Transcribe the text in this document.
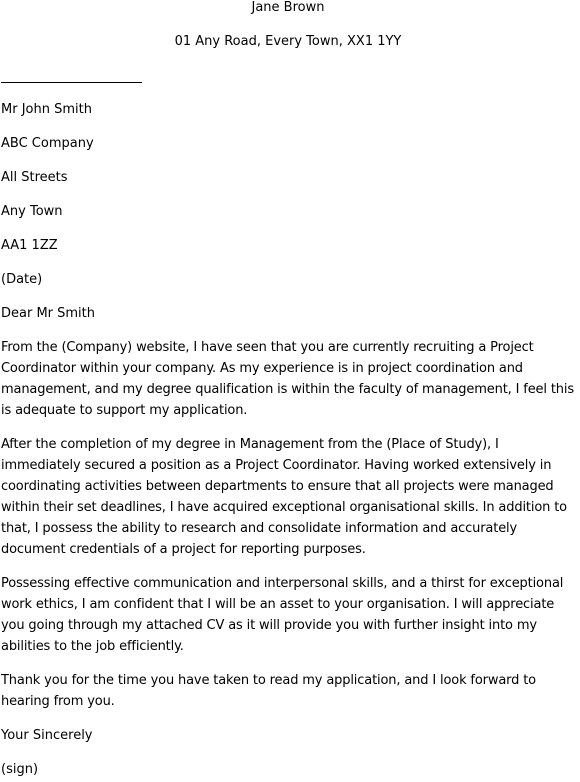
Jane Brown

01 Any Road, Every Town, XX1 1YY

Mr John Smith

ABC Company

All Streets

Any Town

AA1 1ZZ

(Date)

Dear Mr Smith

From the (Company) website, I have seen that you are currently recruiting a Project Coordinator within your company. As my experience is in project coordination and management, and my degree qualification is within the faculty of management, I feel this is adequate to support my application.

After the completion of my degree in Management from the (Place of Study), I immediately secured a position as a Project Coordinator. Having worked extensively in coordinating activities between departments to ensure that all projects were managed within their set deadlines, I have acquired exceptional organisational skills. In addition to that, I possess the ability to research and consolidate information and accurately document credentials of a project for reporting purposes.

Possessing effective communication and interpersonal skills, and a thirst for exceptional work ethics, I am confident that I will be an asset to your organisation. I will appreciate you going through my attached CV as it will provide you with further insight into my abilities to the job efficiently.

Thank you for the time you have taken to read my application, and I look forward to hearing from you.

Your Sincerely

(sign)
